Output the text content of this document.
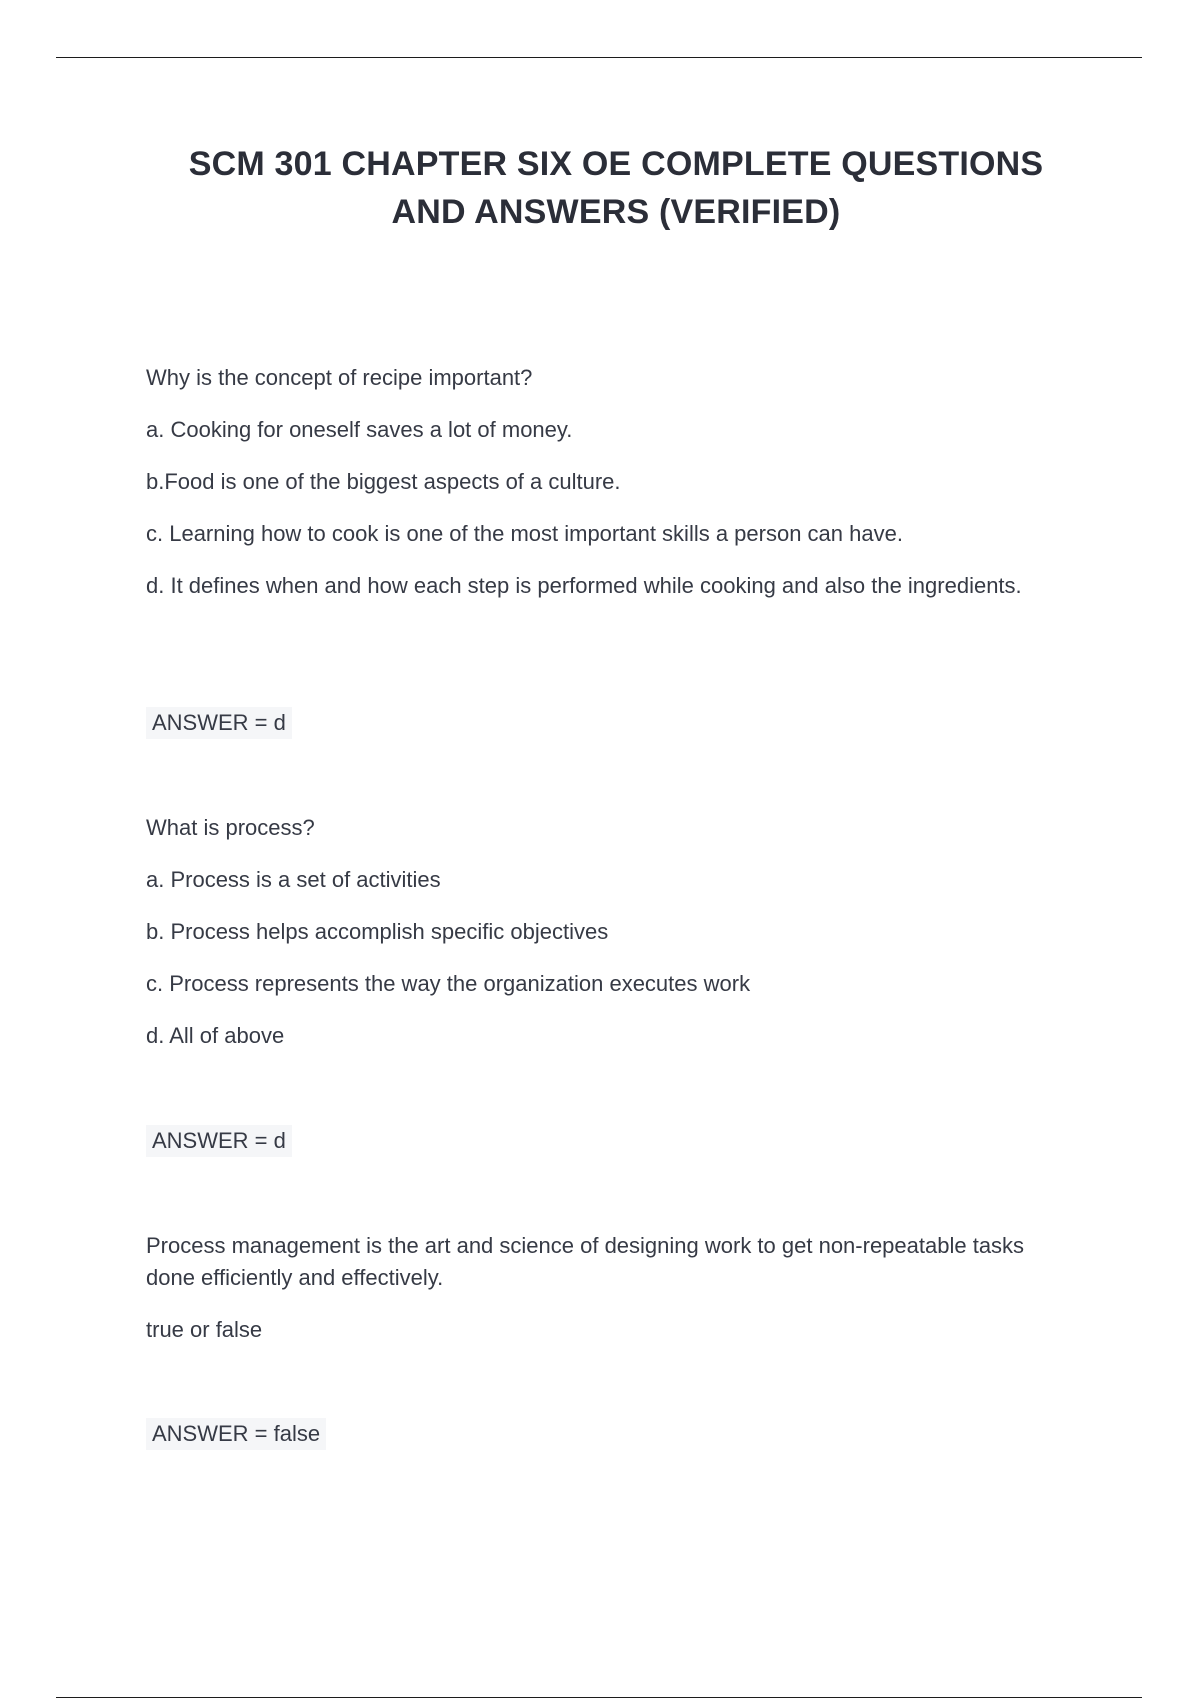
SCM 301 CHAPTER SIX OE COMPLETE QUESTIONS
AND ANSWERS (VERIFIED)

Why is the concept of recipe important?

a. Cooking for oneself saves a lot of money.

b.Food is one of the biggest aspects of a culture.

c. Learning how to cook is one of the most important skills a person can have.

d. It defines when and how each step is performed while cooking and also the ingredients.

ANSWER = d

What is process?

a. Process is a set of activities

b. Process helps accomplish specific objectives

c. Process represents the way the organization executes work

d. All of above

ANSWER = d

Process management is the art and science of designing work to get non-repeatable tasks done efficiently and effectively.

true or false

ANSWER = false
